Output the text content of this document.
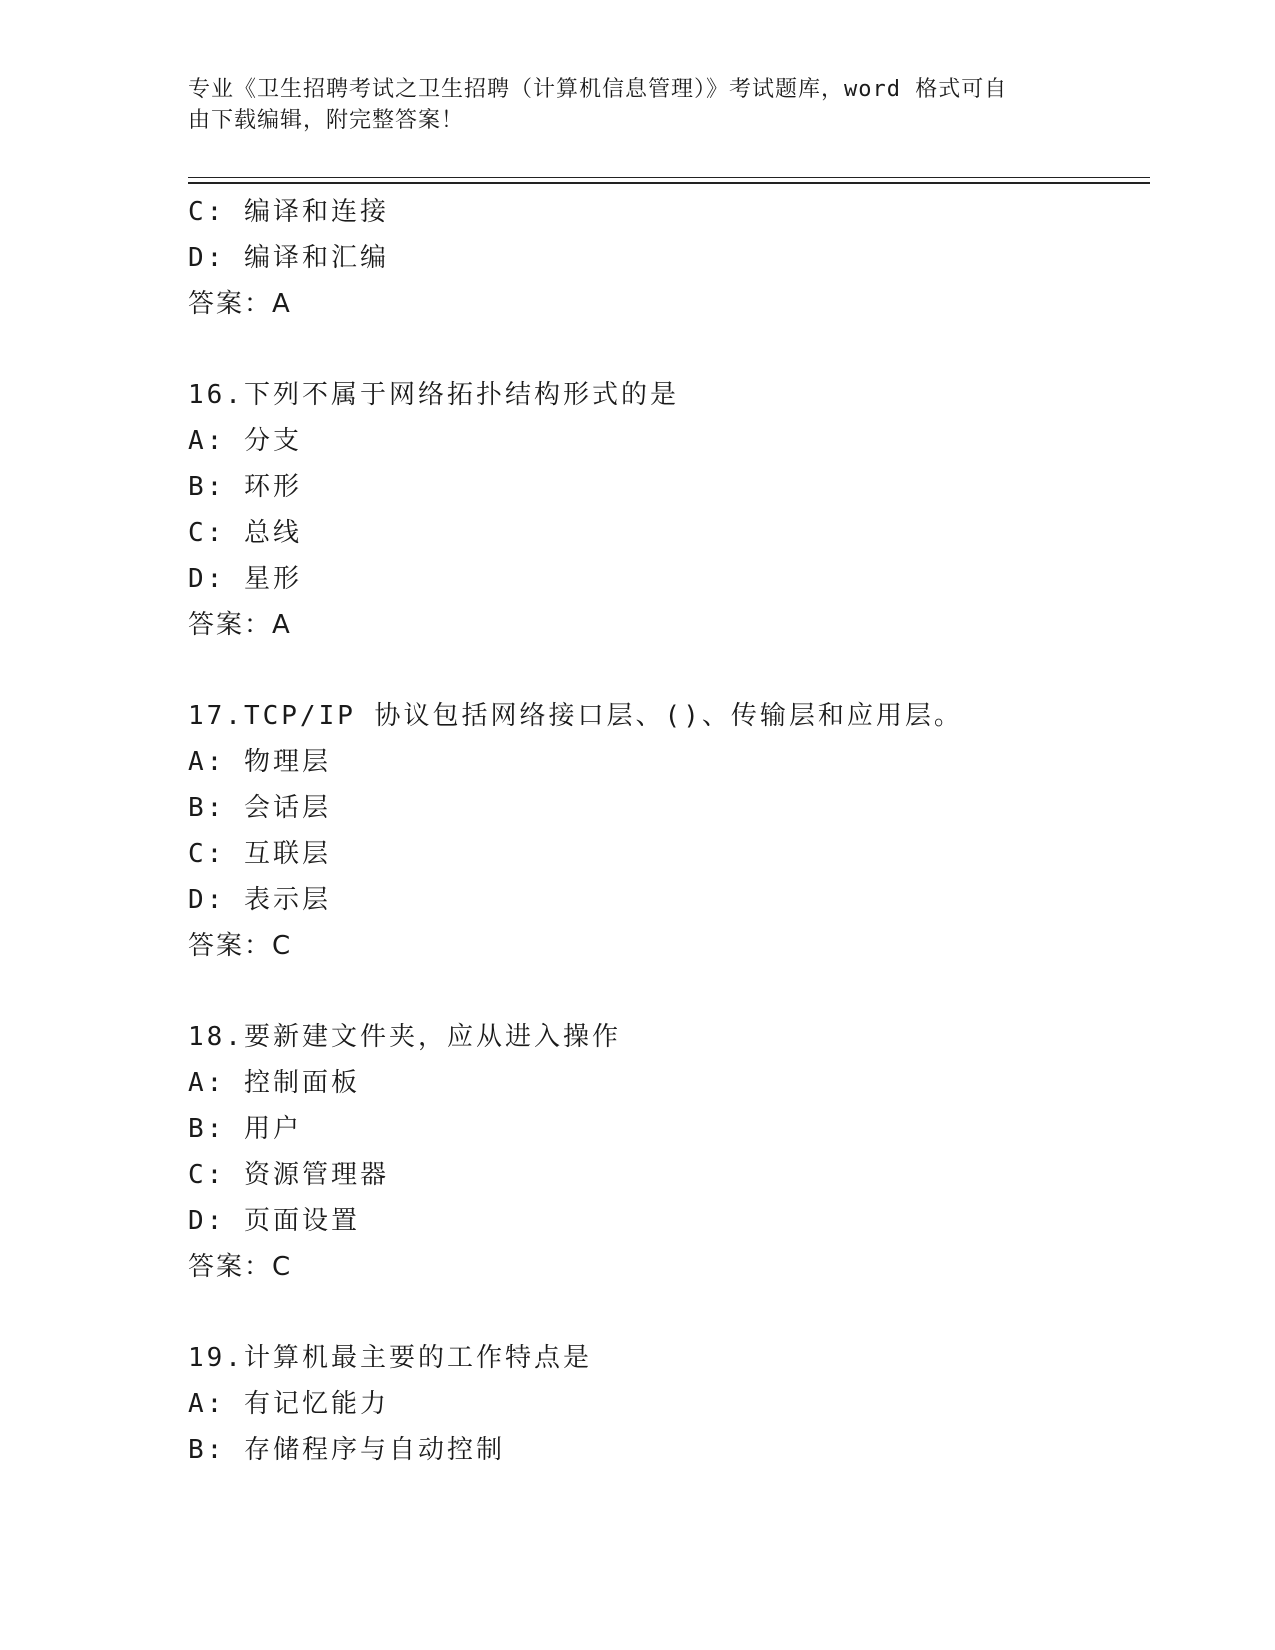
专业《卫生招聘考试之卫生招聘（计算机信息管理）》考试题库，word 格式可自
由下载编辑，附完整答案！
C: 编译和连接
D: 编译和汇编
答案：A
16.下列不属于网络拓扑结构形式的是
A: 分支
B: 环形
C: 总线
D: 星形
答案：A
17.TCP/IP 协议包括网络接口层、()、传输层和应用层。
A: 物理层
B: 会话层
C: 互联层
D: 表示层
答案：C
18.要新建文件夹，应从进入操作
A: 控制面板
B: 用户
C: 资源管理器
D: 页面设置
答案：C
19.计算机最主要的工作特点是
A: 有记忆能力
B: 存储程序与自动控制
